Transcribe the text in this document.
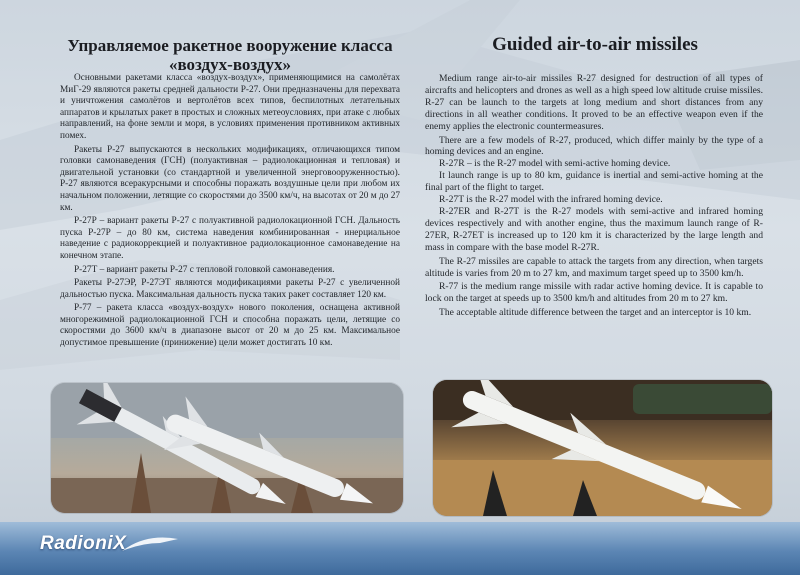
Управляемое ракетное вооружение класса
«воздух-воздух»

Основными ракетами класса «воздух-воздух», применяющимися на самолётах МиГ-29 являются ракеты средней дальности Р-27. Они предназначены для перехвата и уничтожения самолётов и вертолётов всех типов, беспилотных летательных аппаратов и крылатых ракет в простых и сложных метеоусловиях, при атаке с любых направлений, на фоне земли и моря, в условиях применения противником активных помех.

Ракеты Р-27 выпускаются в нескольких модификациях, отличающихся типом головки самонаведения (ГСН) (полуактивная – радиолокационная и тепловая) и двигательной установки (со стандартной и увеличенной энерговооруженностью). Р-27 являются всеракурсными и способны поражать воздушные цели при любом их начальном положении, летящие со скоростями до 3500 км/ч, на высотах от 20 м до 27 км.

Р-27Р – вариант ракеты Р-27 с полуактивной радиолокационной ГСН. Дальность пуска Р-27Р – до 80 км, система наведения комбинированная - инерциальное наведение с радиокоррекцией и полуактивное радиолокационное самонаведение на конечном этапе.

Р-27Т – вариант ракеты Р-27 с тепловой головкой самонаведения.

Ракеты Р-27ЭР, Р-27ЭТ являются модификациями ракеты Р-27 с увеличенной дальностью пуска. Максимальная дальность пуска таких ракет составляет 120 км.

Р-77 – ракета класса «воздух-воздух» нового поколения, оснащена активной многорежимной радиолокационной ГСН и способна поражать цели, летящие со скоростями до 3600 км/ч в диапазоне высот от 20 м до 25 км. Максимальное допустимое превышение (принижение) цели может достигать 10 км.

Guided air-to-air missiles

Medium range air-to-air missiles R-27 designed for destruction of all types of aircrafts and helicopters and drones as well as a high speed low altitude cruise missiles. R-27 can be launch to the targets at long medium and short distances from any directions in all weather conditions. It proved to be an effective weapon even if the enemy applies the electronic countermeasures.

There are a few models of R-27, produced, which differ mainly by the type of a homing devices and an engine.

R-27R – is the R-27 model with semi-active homing device.

It launch range is up to 80 km, guidance is inertial and semi-active homing at the final part of the flight to target.

R-27T is the R-27 model with the infrared homing device.

R-27ER and R-27T is the R-27 models with semi-active and infrared homing devices respectively and with another engine, thus the maximum launch range of R-27ER, R-27ET is increased up to 120 km it is characterized by the large length and mass in compare with the base model R-27R.

The R-27 missiles are capable to attack the targets from any direction, when targets altitude is varies from 20 m to 27 km, and maximum target speed up to 3500 km/h.

R-77 is the medium range missile with radar active homing device. It is capable to lock on the target at speeds up to 3500 km/h and altitudes from 20 m to 27 km.

The acceptable altitude difference between the target and an interceptor is 10 km.

RadioniX
